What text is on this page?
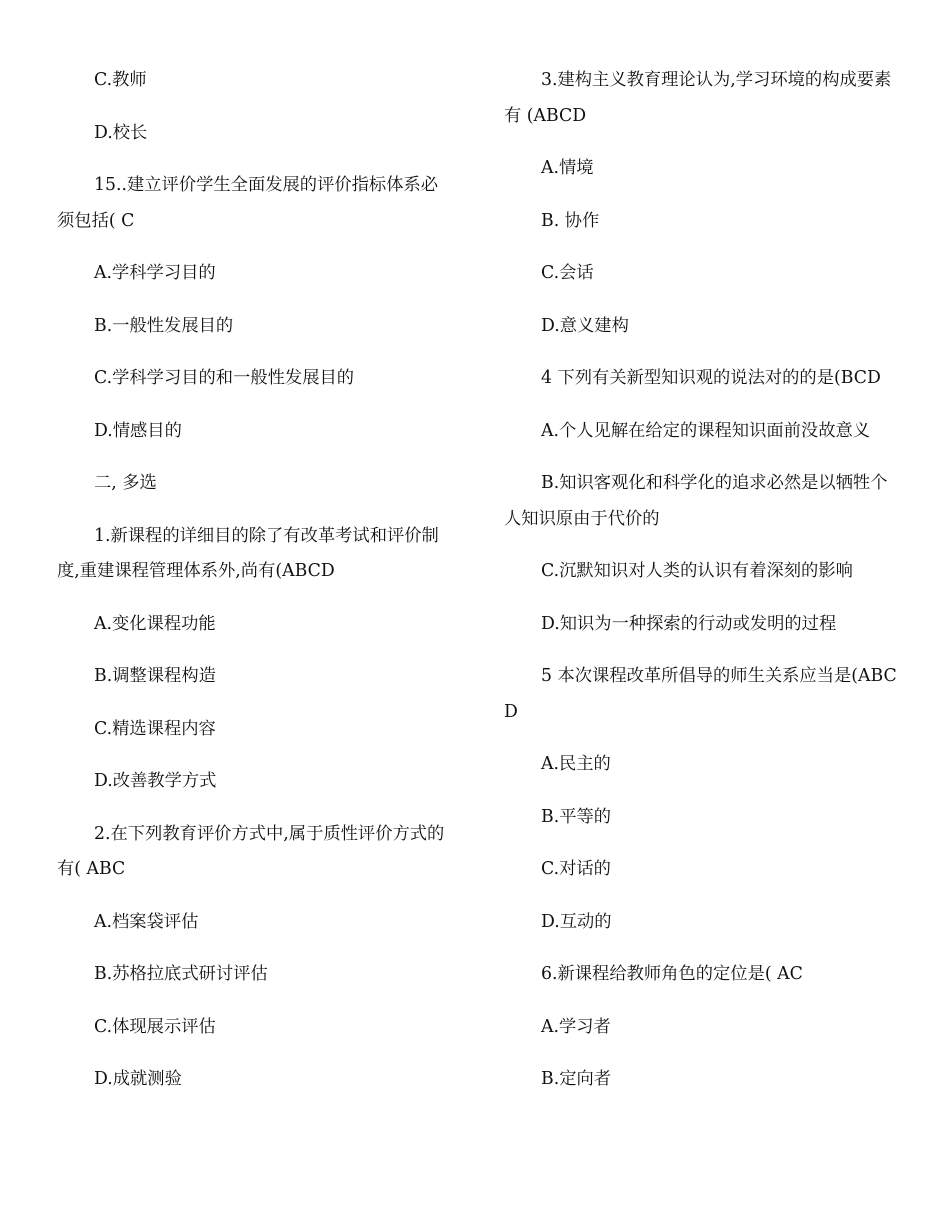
C.教师

D.校长

15..建立评价学生全面发展的评价指标体系必须包括( C

A.学科学习目的

B.一般性发展目的

C.学科学习目的和一般性发展目的

D.情感目的

二, 多选

1.新课程的详细目的除了有改革考试和评价制度,重建课程管理体系外,尚有(ABCD

A.变化课程功能

B.调整课程构造

C.精选课程内容

D.改善教学方式

2.在下列教育评价方式中,属于质性评价方式的有( ABC

A.档案袋评估

B.苏格拉底式研讨评估

C.体现展示评估

D.成就测验

3.建构主义教育理论认为,学习环境的构成要素有 (ABCD

A.情境

B. 协作

C.会话

D.意义建构

4 下列有关新型知识观的说法对的的是(BCD

A.个人见解在给定的课程知识面前没故意义

B.知识客观化和科学化的追求必然是以牺牲个人知识原由于代价的

C.沉默知识对人类的认识有着深刻的影响

D.知识为一种探索的行动或发明的过程

5 本次课程改革所倡导的师生关系应当是(ABCD

A.民主的

B.平等的

C.对话的

D.互动的

6.新课程给教师角色的定位是( AC

A.学习者

B.定向者
